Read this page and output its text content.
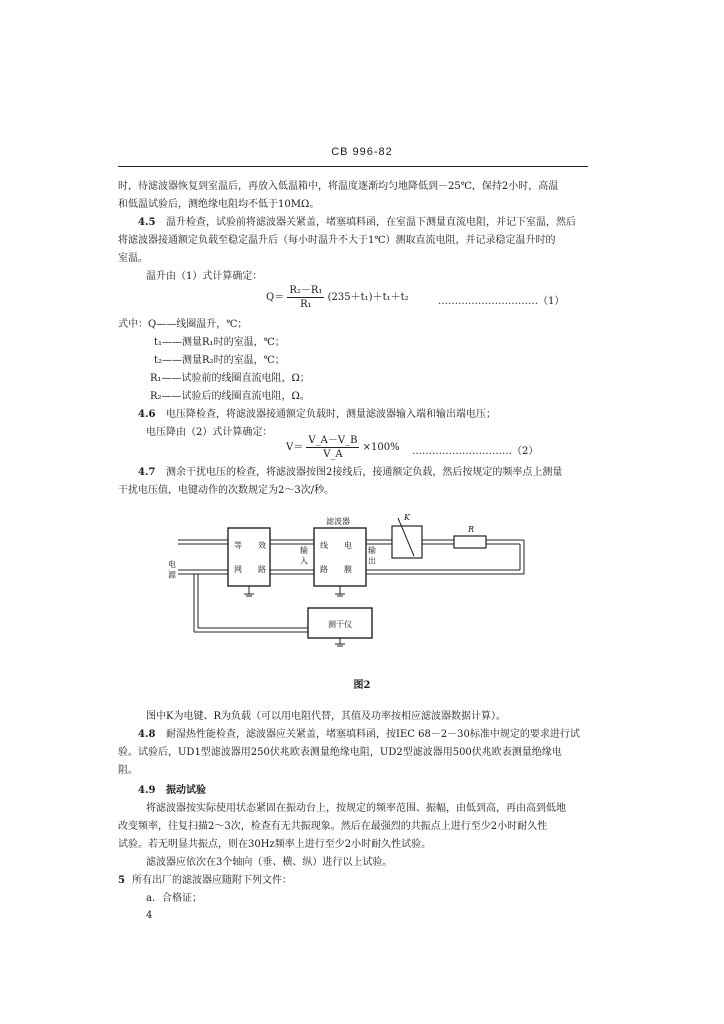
CB 996-82
时，待滤波器恢复到室温后，再放入低温箱中，将温度逐渐均匀地降低到－25℃，保持2小时，高温
和低温试验后，测绝缘电阻均不低于10MΩ。
4.5 温升检查，试验前将滤波器关紧盖，堵塞填料函，在室温下测量直流电阻，并记下室温，然后
将滤波器接通额定负载至稳定温升后（每小时温升不大于1℃）测取直流电阻，并记录稳定温升时的
室温。
温升由（1）式计算确定：
$Q= \frac{\text{R₂－R₁}}{\text{R₁}} (235+t_1)+t_1+t_2$	…………………………（1）
式中：Q——线圈温升，℃；
t₁——测量R₁时的室温，℃；
t₂——测量R₂时的室温，℃；
R₁——试验前的线圈直流电阻，Ω；
R₂——试验后的线圈直流电阻，Ω。
4.6 电压降检查，将滤波器接通额定负载时，测量滤波器输入端和输出端电压；
电压降由（2）式计算确定：
$V= \frac{V\_A-V\_B}{V\_A} \times 100\%$ …………………………（2）
4.7 测余干扰电压的检查，将滤波器按图2接线后，接通额定负载，然后按规定的频率点上测量
干扰电压值，电键动作的次数规定为2～3次/秒。
电 源
等　　效
网　　路
输 入
滤波器
线　　电
路　　膜
输 出
K
R
测干仪
图2
图中K为电键、R为负载（可以用电阻代替，其值及功率按相应滤波器数据计算）。
4.8 耐湿热性能检查，滤波器应关紧盖，堵塞填料函，按IEC 68－2－30标准中规定的要求进行试
验。试验后，UD1型滤波器用250伏兆欧表测量绝缘电阻，UD2型滤波器用500伏兆欧表测量绝缘电
阻。
4.9 振动试验
将滤波器按实际使用状态紧固在振动台上，按规定的频率范围、振幅，由低到高，再由高到低地
改变频率，往复扫描2～3次，检查有无共振现象。然后在最强烈的共振点上进行至少2小时耐久性
试验。若无明显共振点，则在30Hz频率上进行至少2小时耐久性试验。
滤波器应依次在3个轴向（垂、横、纵）进行以上试验。
5 所有出厂的滤波器应随附下列文件：
a．合格证；
4
